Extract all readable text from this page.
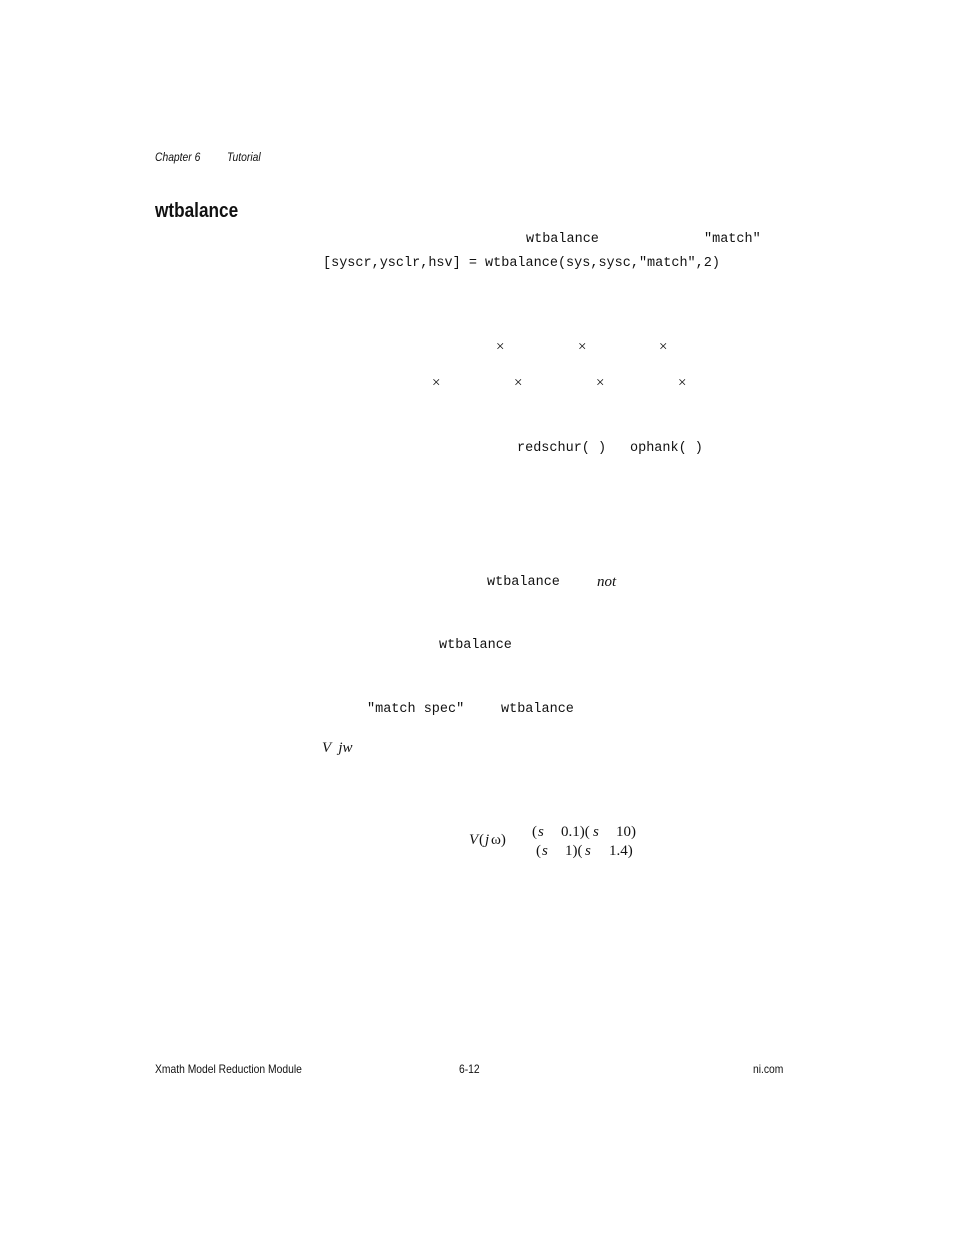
Chapter 6 Tutorial
wtbalance
wtbalance	"match"
[syscr,ysclr,hsv] = wtbalance(sys,sysc,"match",2)
×	×	×
×	×	×	×
redschur( ) ophank( )
wtbalance not
wtbalance
"match spec"	wtbalance
V  jw
V ( j ω) ( s 0.1)( s 10)
( s 1)( s 1.4)
Xmath Model Reduction Module	6-12	ni.com
